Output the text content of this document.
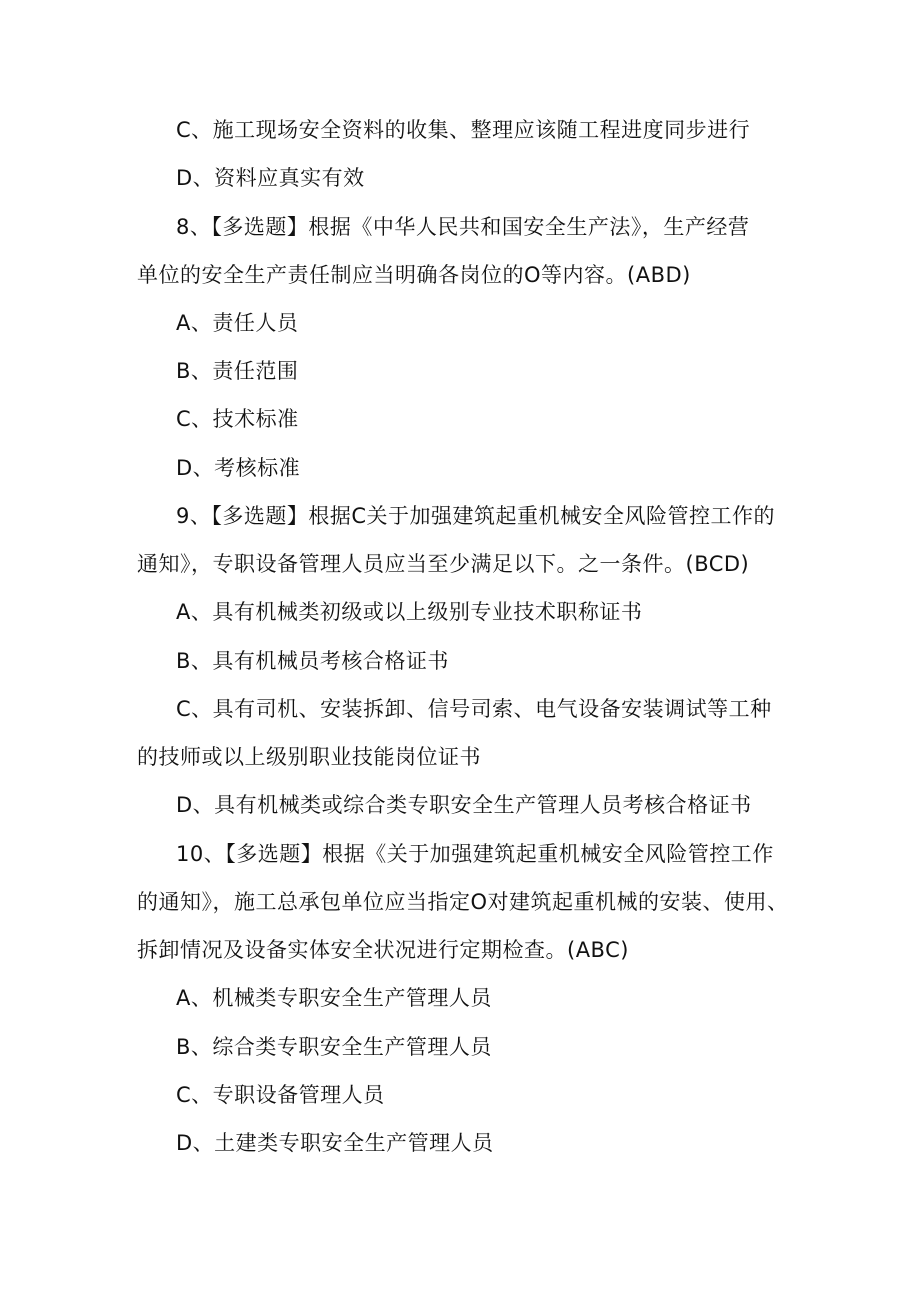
C、施工现场安全资料的收集、整理应该随工程进度同步进行
D、资料应真实有效
8、【多选题】根据《中华人民共和国安全生产法》，生产经营
单位的安全生产责任制应当明确各岗位的O等内容。(ABD)
A、责任人员
B、责任范围
C、技术标准
D、考核标准
9、【多选题】根据C关于加强建筑起重机械安全风险管控工作的
通知》，专职设备管理人员应当至少满足以下。之一条件。(BCD)
A、具有机械类初级或以上级别专业技术职称证书
B、具有机械员考核合格证书
C、具有司机、安装拆卸、信号司索、电气设备安装调试等工种
的技师或以上级别职业技能岗位证书
D、具有机械类或综合类专职安全生产管理人员考核合格证书
10、【多选题】根据《关于加强建筑起重机械安全风险管控工作
的通知》，施工总承包单位应当指定O对建筑起重机械的安装、使用、
拆卸情况及设备实体安全状况进行定期检查。(ABC)
A、机械类专职安全生产管理人员
B、综合类专职安全生产管理人员
C、专职设备管理人员
D、土建类专职安全生产管理人员
